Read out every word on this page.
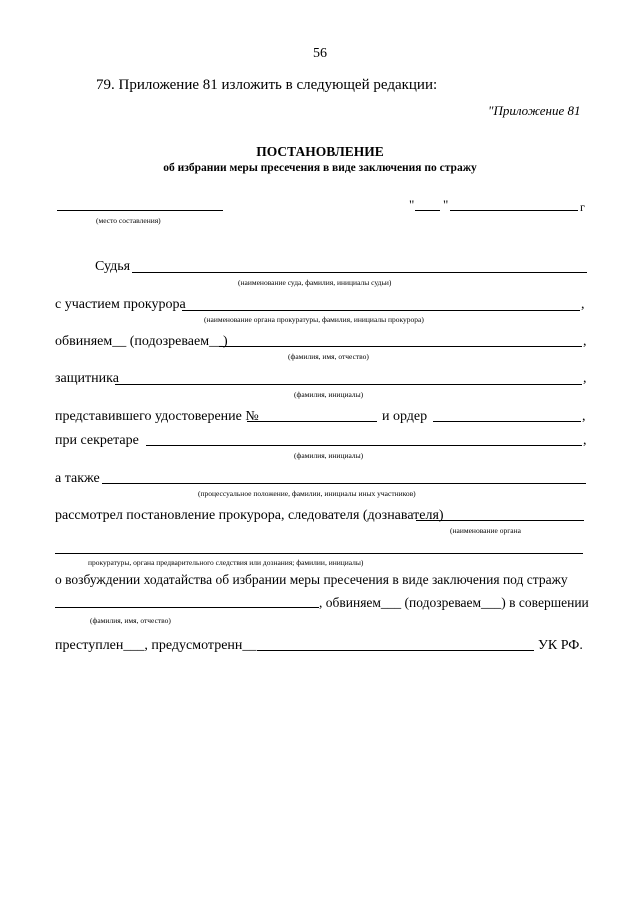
56
79. Приложение 81 изложить в следующей редакции:
"Приложение 81
ПОСТАНОВЛЕНИЕ
об избрании меры пресечения в виде заключения по стражу
(место составления)
" "	г
Судья
(наименование суда, фамилия, инициалы судьи)
с участием прокурора	,
(наименование органа прокуратуры, фамилия, инициалы прокурора)
обвиняем__ (подозреваем__)	,
(фамилия, имя, отчество)
защитника	,
(фамилия, инициалы)
представившего удостоверение №	и ордер	,
при секретаре	,
(фамилия, инициалы)
а также
(процессуальное положение, фамилии, инициалы иных участников)
рассмотрел постановление прокурора, следователя (дознавателя)
(наименование органа
прокуратуры, органа предварительного следствия или дознания; фамилии, инициалы)
о возбуждении ходатайства об избрании меры пресечения в виде заключения под стражу
, обвиняем___ (подозреваем___) в совершении
(фамилия, имя, отчество)
преступлен___, предусмотренн__	УК РФ.
